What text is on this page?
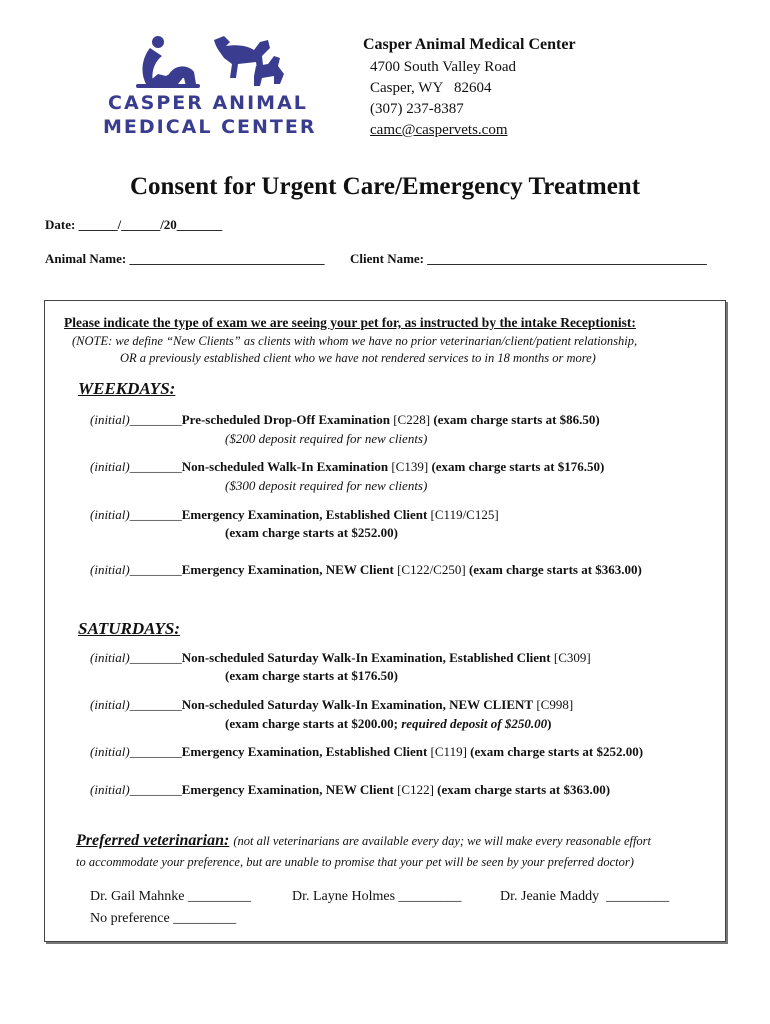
CASPER ANIMAL
MEDICAL CENTER
Casper Animal Medical Center
4700 South Valley Road
Casper, WY   82604
(307) 237-8387
camc@caspervets.com
Consent for Urgent Care/Emergency Treatment
Date: ______/______/20_______
Animal Name: ______________________________ Client Name: ___________________________________________
Please indicate the type of exam we are seeing your pet for, as instructed by the intake Receptionist:
(NOTE: we define “New Clients” as clients with whom we have no prior veterinarian/client/patient relationship,
OR a previously established client who we have not rendered services to in 18 months or more)
WEEKDAYS:
(initial)________Pre-scheduled Drop-Off Examination [C228] (exam charge starts at $86.50)
($200 deposit required for new clients)
(initial)________Non-scheduled Walk-In Examination [C139] (exam charge starts at $176.50)
($300 deposit required for new clients)
(initial)________Emergency Examination, Established Client [C119/C125]
(exam charge starts at $252.00)
(initial)________Emergency Examination, NEW Client [C122/C250] (exam charge starts at $363.00)
SATURDAYS:
(initial)________Non-scheduled Saturday Walk-In Examination, Established Client [C309]
(exam charge starts at $176.50)
(initial)________Non-scheduled Saturday Walk-In Examination, NEW CLIENT [C998]
(exam charge starts at $200.00; required deposit of $250.00)
(initial)________Emergency Examination, Established Client [C119] (exam charge starts at $252.00)
(initial)________Emergency Examination, NEW Client [C122] (exam charge starts at $363.00)
Preferred veterinarian: (not all veterinarians are available every day; we will make every reasonable effort
to accommodate your preference, but are unable to promise that your pet will be seen by your preferred doctor)
Dr. Gail Mahnke _________	Dr. Layne Holmes _________	Dr. Jeanie Maddy  _________
No preference _________
